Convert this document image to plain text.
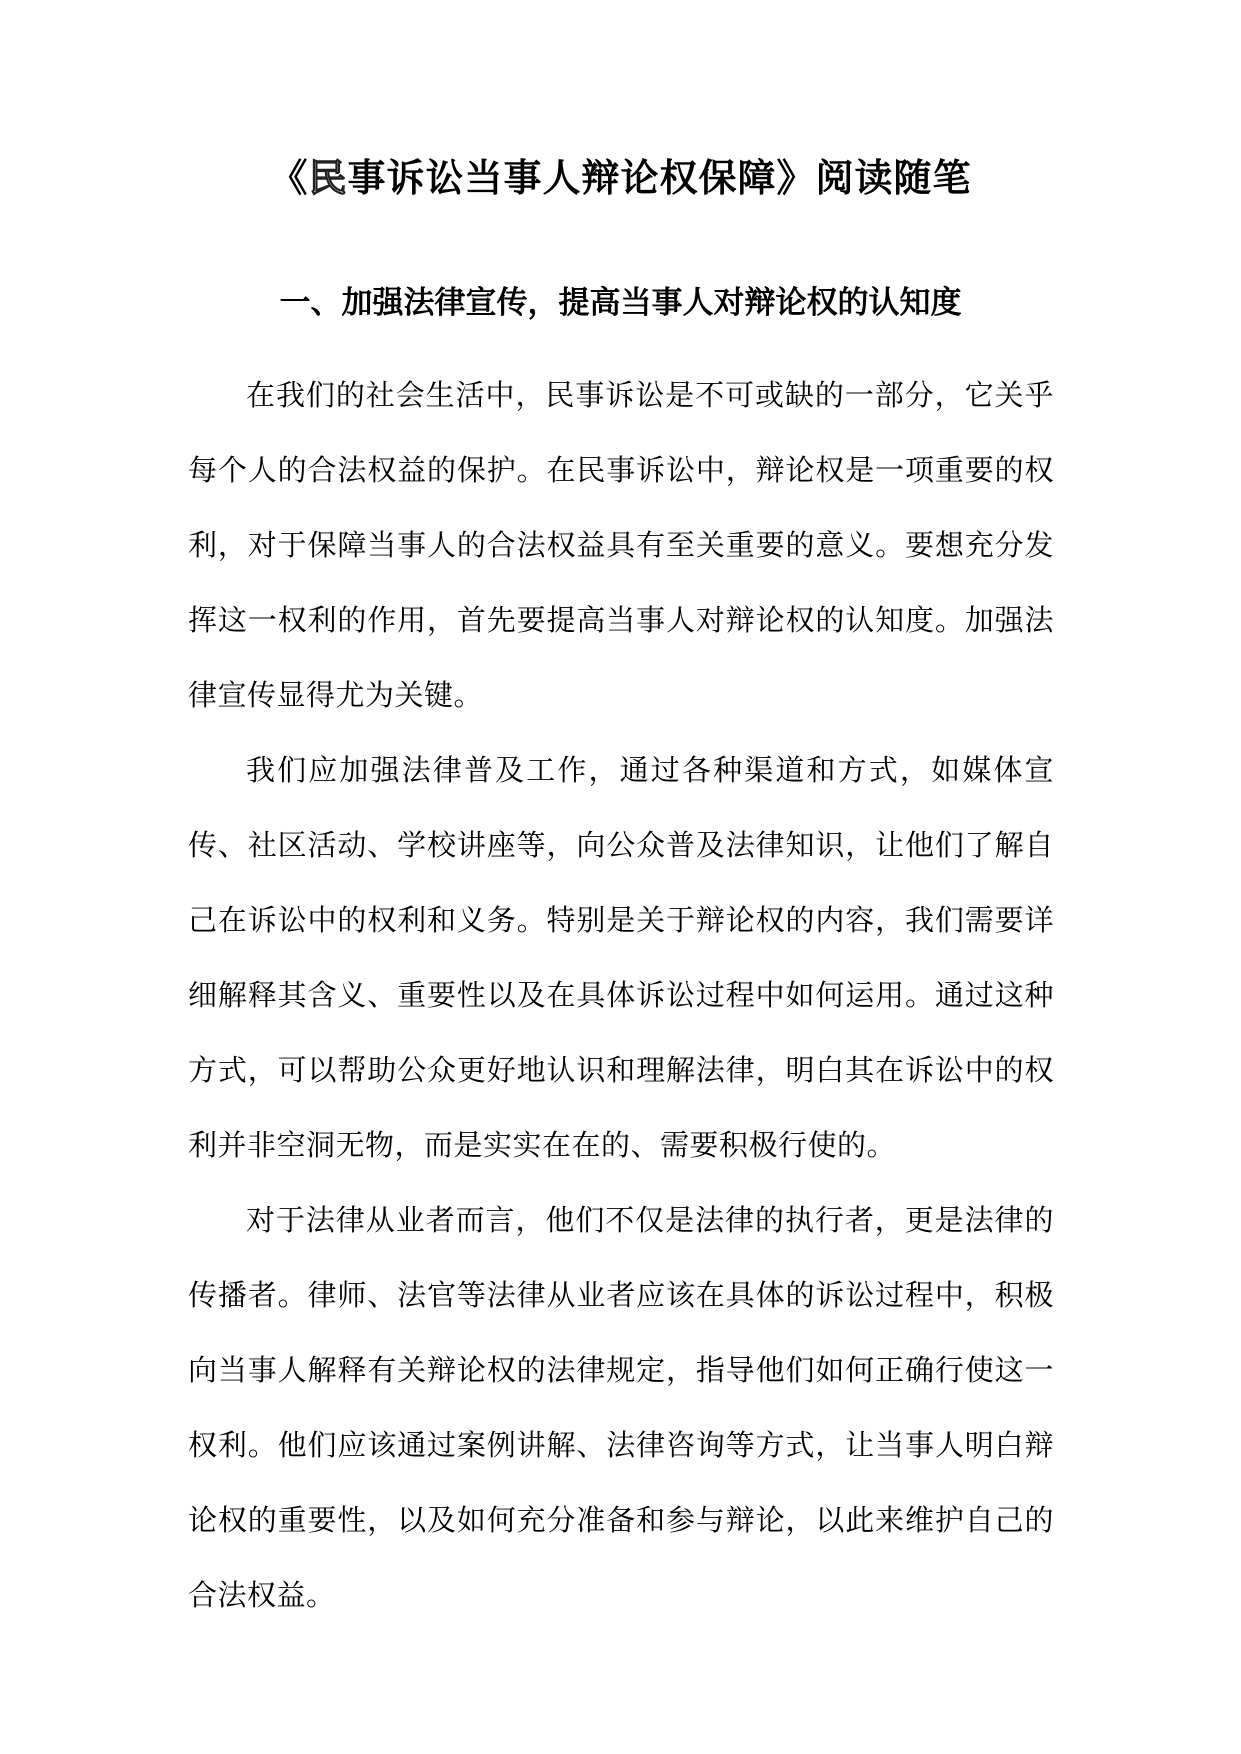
《民事诉讼当事人辩论权保障》阅读随笔
一、加强法律宣传，提高当事人对辩论权的认知度

在我们的社会生活中，民事诉讼是不可或缺的一部分，它关乎每个人的合法权益的保护。在民事诉讼中，辩论权是一项重要的权利，对于保障当事人的合法权益具有至关重要的意义。要想充分发挥这一权利的作用，首先要提高当事人对辩论权的认知度。加强法律宣传显得尤为关键。

我们应加强法律普及工作，通过各种渠道和方式，如媒体宣传、社区活动、学校讲座等，向公众普及法律知识，让他们了解自己在诉讼中的权利和义务。特别是关于辩论权的内容，我们需要详细解释其含义、重要性以及在具体诉讼过程中如何运用。通过这种方式，可以帮助公众更好地认识和理解法律，明白其在诉讼中的权利并非空洞无物，而是实实在在的、需要积极行使的。

对于法律从业者而言，他们不仅是法律的执行者，更是法律的传播者。律师、法官等法律从业者应该在具体的诉讼过程中，积极向当事人解释有关辩论权的法律规定，指导他们如何正确行使这一权利。他们应该通过案例讲解、法律咨询等方式，让当事人明白辩论权的重要性，以及如何充分准备和参与辩论，以此来维护自己的合法权益。
